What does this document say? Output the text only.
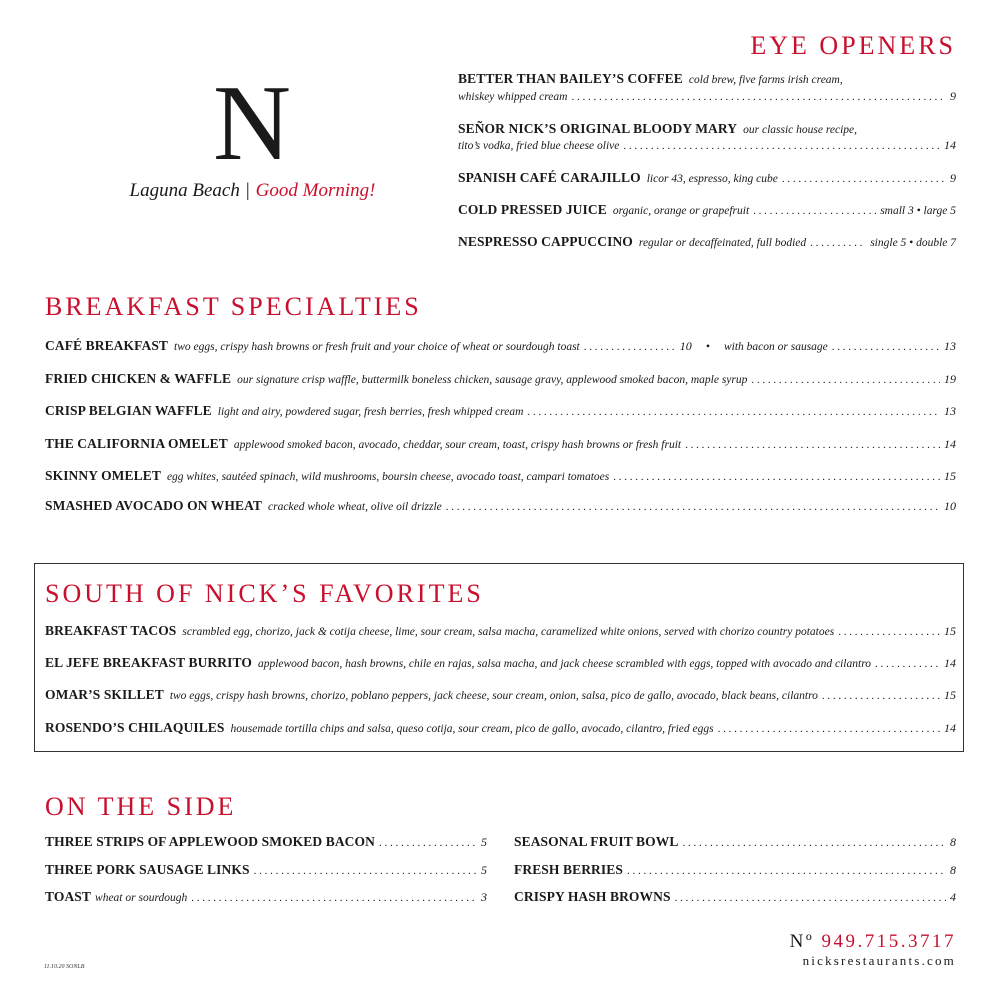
N
Laguna Beach | Good Morning!
EYE OPENERS
BETTER THAN BAILEY’S COFFEE cold brew, five farms irish cream,
whiskey whipped cream . . .	9
SEÑOR NICK’S ORIGINAL BLOODY MARY our classic house recipe,
tito’s vodka, fried blue cheese olive . . .	14
SPANISH CAFÉ CARAJILLO licor 43, espresso, king cube . . .	9
COLD PRESSED JUICE organic, orange or grapefruit . . .	small 3 • large 5
NESPRESSO CAPPUCCINO regular or decaffeinated, full bodied . . .	single 5 • double 7
BREAKFAST SPECIALTIES
CAFÉ BREAKFAST two eggs, crispy hash browns or fresh fruit and your choice of wheat or sourdough toast . . .	10 • with bacon or sausage . . .	13
FRIED CHICKEN & WAFFLE our signature crisp waffle, buttermilk boneless chicken, sausage gravy, applewood smoked bacon, maple syrup . . .	19
CRISP BELGIAN WAFFLE light and airy, powdered sugar, fresh berries, fresh whipped cream . . .	13
THE CALIFORNIA OMELET applewood smoked bacon, avocado, cheddar, sour cream, toast, crispy hash browns or fresh fruit . . .	14
SKINNY OMELET egg whites, sautéed spinach, wild mushrooms, boursin cheese, avocado toast, campari tomatoes . . .	15
SMASHED AVOCADO ON WHEAT cracked whole wheat, olive oil drizzle . . .	10
SOUTH OF NICK’S FAVORITES
BREAKFAST TACOS scrambled egg, chorizo, jack & cotija cheese, lime, sour cream, salsa macha, caramelized white onions, served with chorizo country potatoes . . .	15
EL JEFE BREAKFAST BURRITO applewood bacon, hash browns, chile en rajas, salsa macha, and jack cheese scrambled with eggs, topped with avocado and cilantro . . .	14
OMAR’S SKILLET two eggs, crispy hash browns, chorizo, poblano peppers, jack cheese, sour cream, onion, salsa, pico de gallo, avocado, black beans, cilantro . . .	15
ROSENDO’S CHILAQUILES housemade tortilla chips and salsa, queso cotija, sour cream, pico de gallo, avocado, cilantro, fried eggs . . .	14
ON THE SIDE
THREE STRIPS OF APPLEWOOD SMOKED BACON . . .	5
THREE PORK SAUSAGE LINKS . . .	5
TOAST wheat or sourdough . . .	3
SEASONAL FRUIT BOWL . . .	8
FRESH BERRIES . . .	8
CRISPY HASH BROWNS . . .	4
Nº 949.715.3717
nicksrestaurants.com
11.10.20 SONLB
